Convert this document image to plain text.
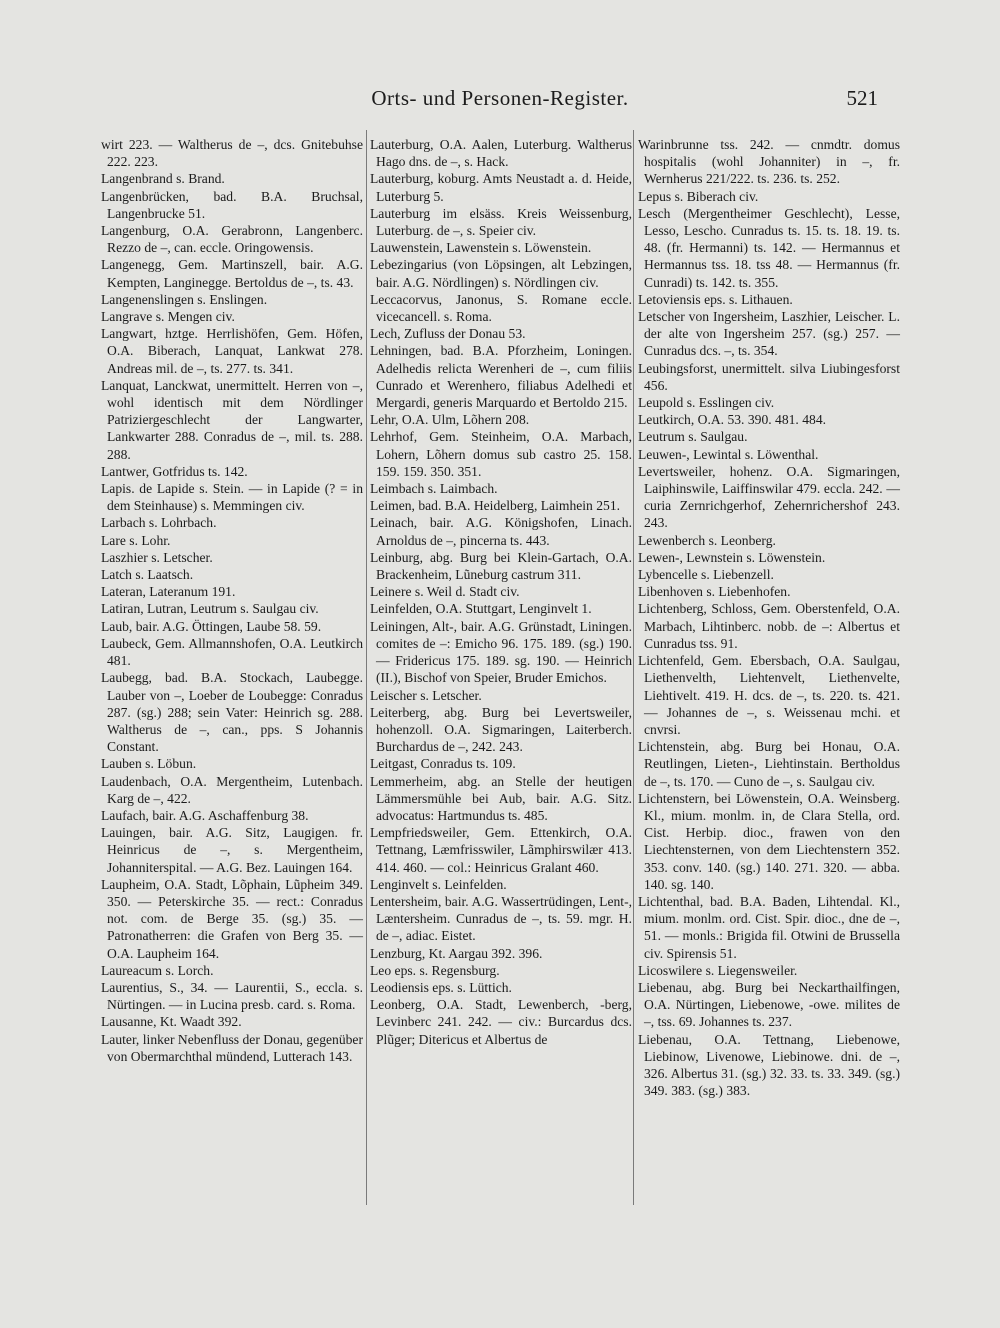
Orts- und Personen-Register.	521

wirt 223. — Waltherus de –, dcs. Gnitebuhse 222. 223.

Langenbrand s. Brand.

Langenbrücken, bad. B.A. Bruchsal, Langenbrucke 51.

Langenburg, O.A. Gerabronn, Langenberc. Rezzo de –, can. eccle. Oringowensis.

Langenegg, Gem. Martinszell, bair. A.G. Kempten, Langinegge. Bertoldus de –, ts. 43.

Langenenslingen s. Enslingen.

Langrave s. Mengen civ.

Langwart, hztge. Herrlishöfen, Gem. Höfen, O.A. Biberach, Lanquat, Lankwat 278. Andreas mil. de –, ts. 277. ts. 341.

Lanquat, Lanckwat, unermittelt. Herren von –, wohl identisch mit dem Nördlinger Patriziergeschlecht der Langwarter, Lankwarter 288. Conradus de –, mil. ts. 288. 288.

Lantwer, Gotfridus ts. 142.

Lapis. de Lapide s. Stein. — in Lapide (? = in dem Steinhause) s. Memmingen civ.

Larbach s. Lohrbach.

Lare s. Lohr.

Laszhier s. Letscher.

Latch s. Laatsch.

Lateran, Lateranum 191.

Latiran, Lutran, Leutrum s. Saulgau civ.

Laub, bair. A.G. Öttingen, Laube 58. 59.

Laubeck, Gem. Allmannshofen, O.A. Leutkirch 481.

Laubegg, bad. B.A. Stockach, Laubegge. Lauber von –, Loeber de Loubegge: Conradus 287. (sg.) 288; sein Vater: Heinrich sg. 288. Waltherus de –, can., pps. S Johannis Constant.

Lauben s. Löbun.

Laudenbach, O.A. Mergentheim, Lutenbach. Karg de –, 422.

Laufach, bair. A.G. Aschaffenburg 38.

Lauingen, bair. A.G. Sitz, Laugigen. fr. Heinricus de –, s. Mergentheim, Johanniterspital. — A.G. Bez. Lauingen 164.

Laupheim, O.A. Stadt, Lõphain, Lũpheim 349. 350. — Peterskirche 35. — rect.: Conradus not. com. de Berge 35. (sg.) 35. — Patronatherren: die Grafen von Berg 35. — O.A. Laupheim 164.

Laureacum s. Lorch.

Laurentius, S., 34. — Laurentii, S., eccla. s. Nürtingen. — in Lucina presb. card. s. Roma.

Lausanne, Kt. Waadt 392.

Lauter, linker Nebenfluss der Donau, gegenüber von Obermarchthal mündend, Lutterach 143.

Lauterburg, O.A. Aalen, Luterburg. Waltherus Hago dns. de –, s. Hack.

Lauterburg, koburg. Amts Neustadt a. d. Heide, Luterburg 5.

Lauterburg im elsäss. Kreis Weissenburg, Luterburg. de –, s. Speier civ.

Lauwenstein, Lawenstein s. Löwenstein.

Lebezingarius (von Löpsingen, alt Lebzingen, bair. A.G. Nördlingen) s. Nördlingen civ.

Leccacorvus, Janonus, S. Romane eccle. vicecancell. s. Roma.

Lech, Zufluss der Donau 53.

Lehningen, bad. B.A. Pforzheim, Loningen. Adelhedis relicta Werenheri de –, cum filiis Cunrado et Werenhero, filiabus Adelhedi et Mergardi, generis Marquardo et Bertoldo 215.

Lehr, O.A. Ulm, Lõhern 208.

Lehrhof, Gem. Steinheim, O.A. Marbach, Lohern, Lõhern domus sub castro 25. 158. 159. 159. 350. 351.

Leimbach s. Laimbach.

Leimen, bad. B.A. Heidelberg, Laimhein 251.

Leinach, bair. A.G. Königshofen, Linach. Arnoldus de –, pincerna ts. 443.

Leinburg, abg. Burg bei Klein-Gartach, O.A. Brackenheim, Lũneburg castrum 311.

Leinere s. Weil d. Stadt civ.

Leinfelden, O.A. Stuttgart, Lenginvelt 1.

Leiningen, Alt-, bair. A.G. Grünstadt, Liningen. comites de –: Emicho 96. 175. 189. (sg.) 190. — Fridericus 175. 189. sg. 190. — Heinrich (II.), Bischof von Speier, Bruder Emichos.

Leischer s. Letscher.

Leiterberg, abg. Burg bei Levertsweiler, hohenzoll. O.A. Sigmaringen, Laiterberch. Burchardus de –, 242. 243.

Leitgast, Conradus ts. 109.

Lemmerheim, abg. an Stelle der heutigen Lämmersmühle bei Aub, bair. A.G. Sitz. advocatus: Hartmundus ts. 485.

Lempfriedsweiler, Gem. Ettenkirch, O.A. Tettnang, Læmfrisswiler, Lãmphirswilær 413. 414. 460. — col.: Heinricus Gralant 460.

Lenginvelt s. Leinfelden.

Lentersheim, bair. A.G. Wassertrüdingen, Lent-, Læntersheim. Cunradus de –, ts. 59. mgr. H. de –, adiac. Eistet.

Lenzburg, Kt. Aargau 392. 396.

Leo eps. s. Regensburg.

Leodiensis eps. s. Lüttich.

Leonberg, O.A. Stadt, Lewenberch, -berg, Levinberc 241. 242. — civ.: Burcardus dcs. Plũger; Ditericus et Albertus de

Warinbrunne tss. 242. — cnmdtr. domus hospitalis (wohl Johanniter) in –, fr. Wernherus 221/222. ts. 236. ts. 252.

Lepus s. Biberach civ.

Lesch (Mergentheimer Geschlecht), Lesse, Lesso, Lescho. Cunradus ts. 15. ts. 18. 19. ts. 48. (fr. Hermanni) ts. 142. — Hermannus et Hermannus tss. 18. tss 48. — Hermannus (fr. Cunradi) ts. 142. ts. 355.

Letoviensis eps. s. Lithauen.

Letscher von Ingersheim, Laszhier, Leischer. L. der alte von Ingersheim 257. (sg.) 257. — Cunradus dcs. –, ts. 354.

Leubingsforst, unermittelt. silva Liubingesforst 456.

Leupold s. Esslingen civ.

Leutkirch, O.A. 53. 390. 481. 484.

Leutrum s. Saulgau.

Leuwen-, Lewintal s. Löwenthal.

Levertsweiler, hohenz. O.A. Sigmaringen, Laiphinswile, Laiffinswilar 479. eccla. 242. — curia Zernrichgerhof, Zehernrichershof 243. 243.

Lewenberch s. Leonberg.

Lewen-, Lewnstein s. Löwenstein.

Lybencelle s. Liebenzell.

Libenhoven s. Liebenhofen.

Lichtenberg, Schloss, Gem. Oberstenfeld, O.A. Marbach, Lihtinberc. nobb. de –: Albertus et Cunradus tss. 91.

Lichtenfeld, Gem. Ebersbach, O.A. Saulgau, Liethenvelth, Liehtenvelt, Liethenvelte, Liehtivelt. 419. H. dcs. de –, ts. 220. ts. 421. — Johannes de –, s. Weissenau mchi. et cnvrsi.

Lichtenstein, abg. Burg bei Honau, O.A. Reutlingen, Lieten-, Liehtinstain. Bertholdus de –, ts. 170. — Cuno de –, s. Saulgau civ.

Lichtenstern, bei Löwenstein, O.A. Weinsberg. Kl., mium. monlm. in, de Clara Stella, ord. Cist. Herbip. dioc., frawen von den Liechtensternen, von dem Liechtenstern 352. 353. conv. 140. (sg.) 140. 271. 320. — abba. 140. sg. 140.

Lichtenthal, bad. B.A. Baden, Lihtendal. Kl., mium. monlm. ord. Cist. Spir. dioc., dne de –, 51. — monls.: Brigida fil. Otwini de Brussella civ. Spirensis 51.

Licoswilere s. Liegensweiler.

Liebenau, abg. Burg bei Neckarthailfingen, O.A. Nürtingen, Liebenowe, -owe. milites de –, tss. 69. Johannes ts. 237.

Liebenau, O.A. Tettnang, Liebenowe, Liebinow, Livenowe, Liebinowe. dni. de –, 326. Albertus 31. (sg.) 32. 33. ts. 33. 349. (sg.) 349. 383. (sg.) 383.
